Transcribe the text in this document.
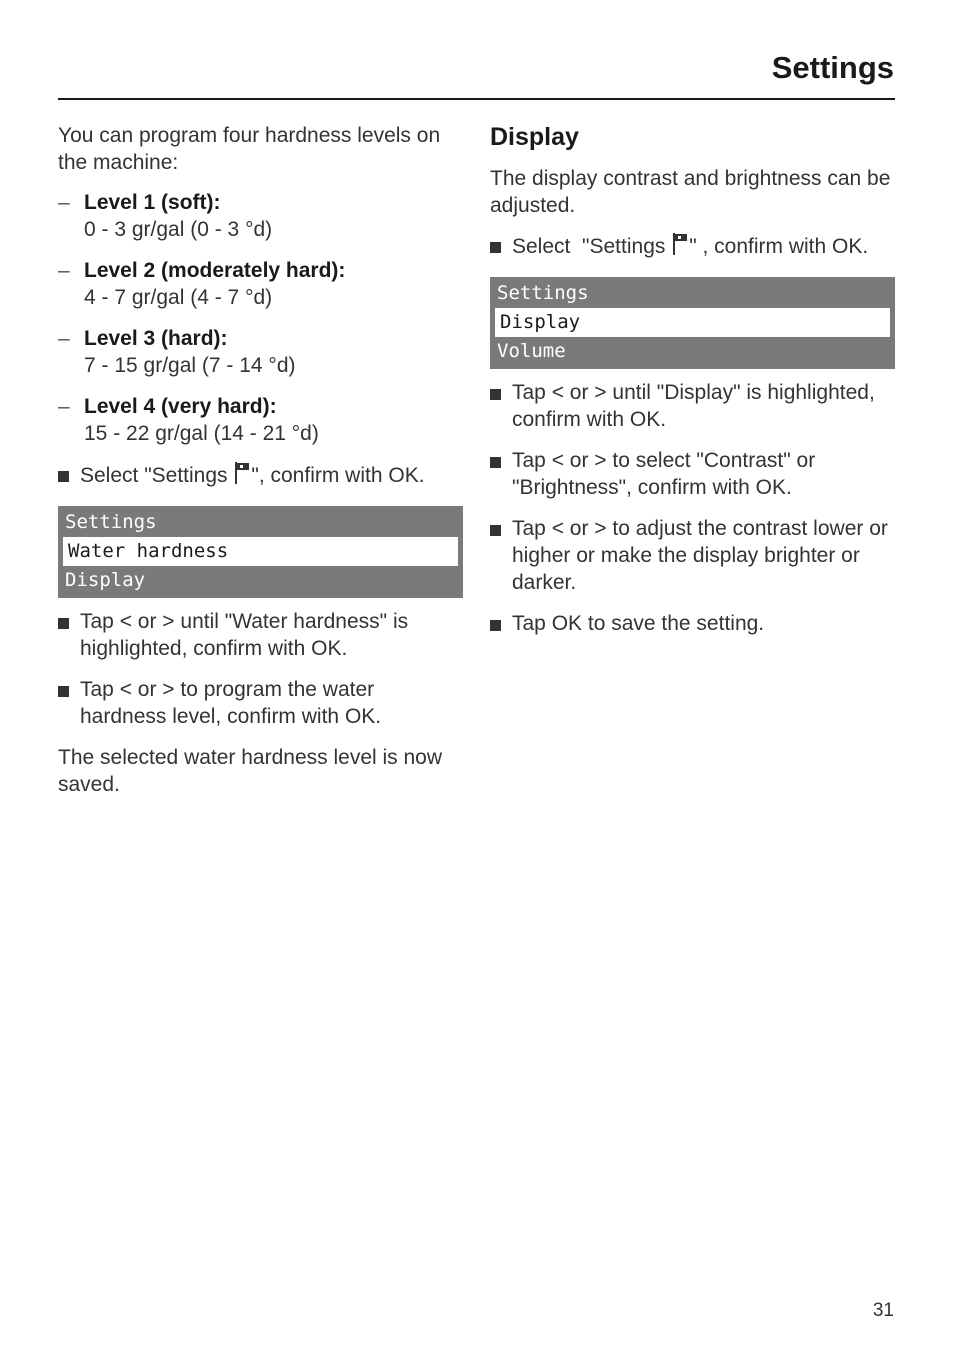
Settings

You can program four hardness levels on the machine:

– Level 1 (soft):
0 - 3 gr/gal (0 - 3 °d)
– Level 2 (moderately hard):
4 - 7 gr/gal (4 - 7 °d)
– Level 3 (hard):
7 - 15 gr/gal (7 - 14 °d)
– Level 4 (very hard):
15 - 22 gr/gal (14 - 21 °d)
Select "Settings ", confirm with OK.
Settings
Water hardness
Display
Tap < or > until "Water hardness" is highlighted, confirm with OK.
Tap < or > to program the water hardness level, confirm with OK.

The selected water hardness level is now saved.

Display

The display contrast and brightness can be adjusted.

Select  "Settings " , confirm with OK.
Settings
Display
Volume
Tap < or > until "Display" is highlighted, confirm with OK.
Tap < or > to select "Contrast" or "Brightness", confirm with OK.
Tap < or > to adjust the contrast lower or higher or make the display brighter or darker.
Tap OK to save the setting.
31
